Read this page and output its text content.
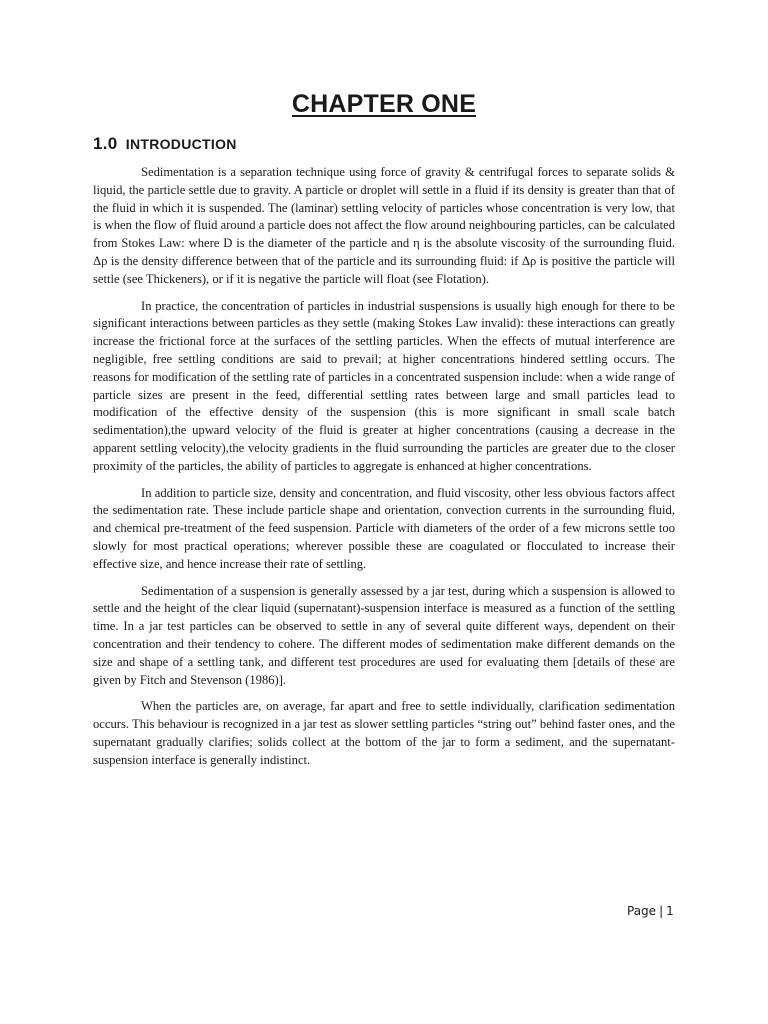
CHAPTER ONE
1.0 INTRODUCTION

Sedimentation is a separation technique using force of gravity & centrifugal forces to separate solids & liquid, the particle settle due to gravity. A particle or droplet will settle in a fluid if its density is greater than that of the fluid in which it is suspended. The (laminar) settling velocity of particles whose concentration is very low, that is when the flow of fluid around a particle does not affect the flow around neighbouring particles, can be calculated from Stokes Law: where D is the diameter of the particle and η is the absolute viscosity of the surrounding fluid. Δρ is the density difference between that of the particle and its surrounding fluid: if Δρ is positive the particle will settle (see Thickeners), or if it is negative the particle will float (see Flotation).

In practice, the concentration of particles in industrial suspensions is usually high enough for there to be significant interactions between particles as they settle (making Stokes Law invalid): these interactions can greatly increase the frictional force at the surfaces of the settling particles. When the effects of mutual interference are negligible, free settling conditions are said to prevail; at higher concentrations hindered settling occurs. The reasons for modification of the settling rate of particles in a concentrated suspension include: when a wide range of particle sizes are present in the feed, differential settling rates between large and small particles lead to modification of the effective density of the suspension (this is more significant in small scale batch sedimentation),the upward velocity of the fluid is greater at higher concentrations (causing a decrease in the apparent settling velocity),the velocity gradients in the fluid surrounding the particles are greater due to the closer proximity of the particles, the ability of particles to aggregate is enhanced at higher concentrations.

In addition to particle size, density and concentration, and fluid viscosity, other less obvious factors affect the sedimentation rate. These include particle shape and orientation, convection currents in the surrounding fluid, and chemical pre-treatment of the feed suspension. Particle with diameters of the order of a few microns settle too slowly for most practical operations; wherever possible these are coagulated or flocculated to increase their effective size, and hence increase their rate of settling.

Sedimentation of a suspension is generally assessed by a jar test, during which a suspension is allowed to settle and the height of the clear liquid (supernatant)-suspension interface is measured as a function of the settling time. In a jar test particles can be observed to settle in any of several quite different ways, dependent on their concentration and their tendency to cohere. The different modes of sedimentation make different demands on the size and shape of a settling tank, and different test procedures are used for evaluating them [details of these are given by Fitch and Stevenson (1986)].

When the particles are, on average, far apart and free to settle individually, clarification sedimentation occurs. This behaviour is recognized in a jar test as slower settling particles “string out” behind faster ones, and the supernatant gradually clarifies; solids collect at the bottom of the jar to form a sediment, and the supernatant-suspension interface is generally indistinct.

Page | 1
